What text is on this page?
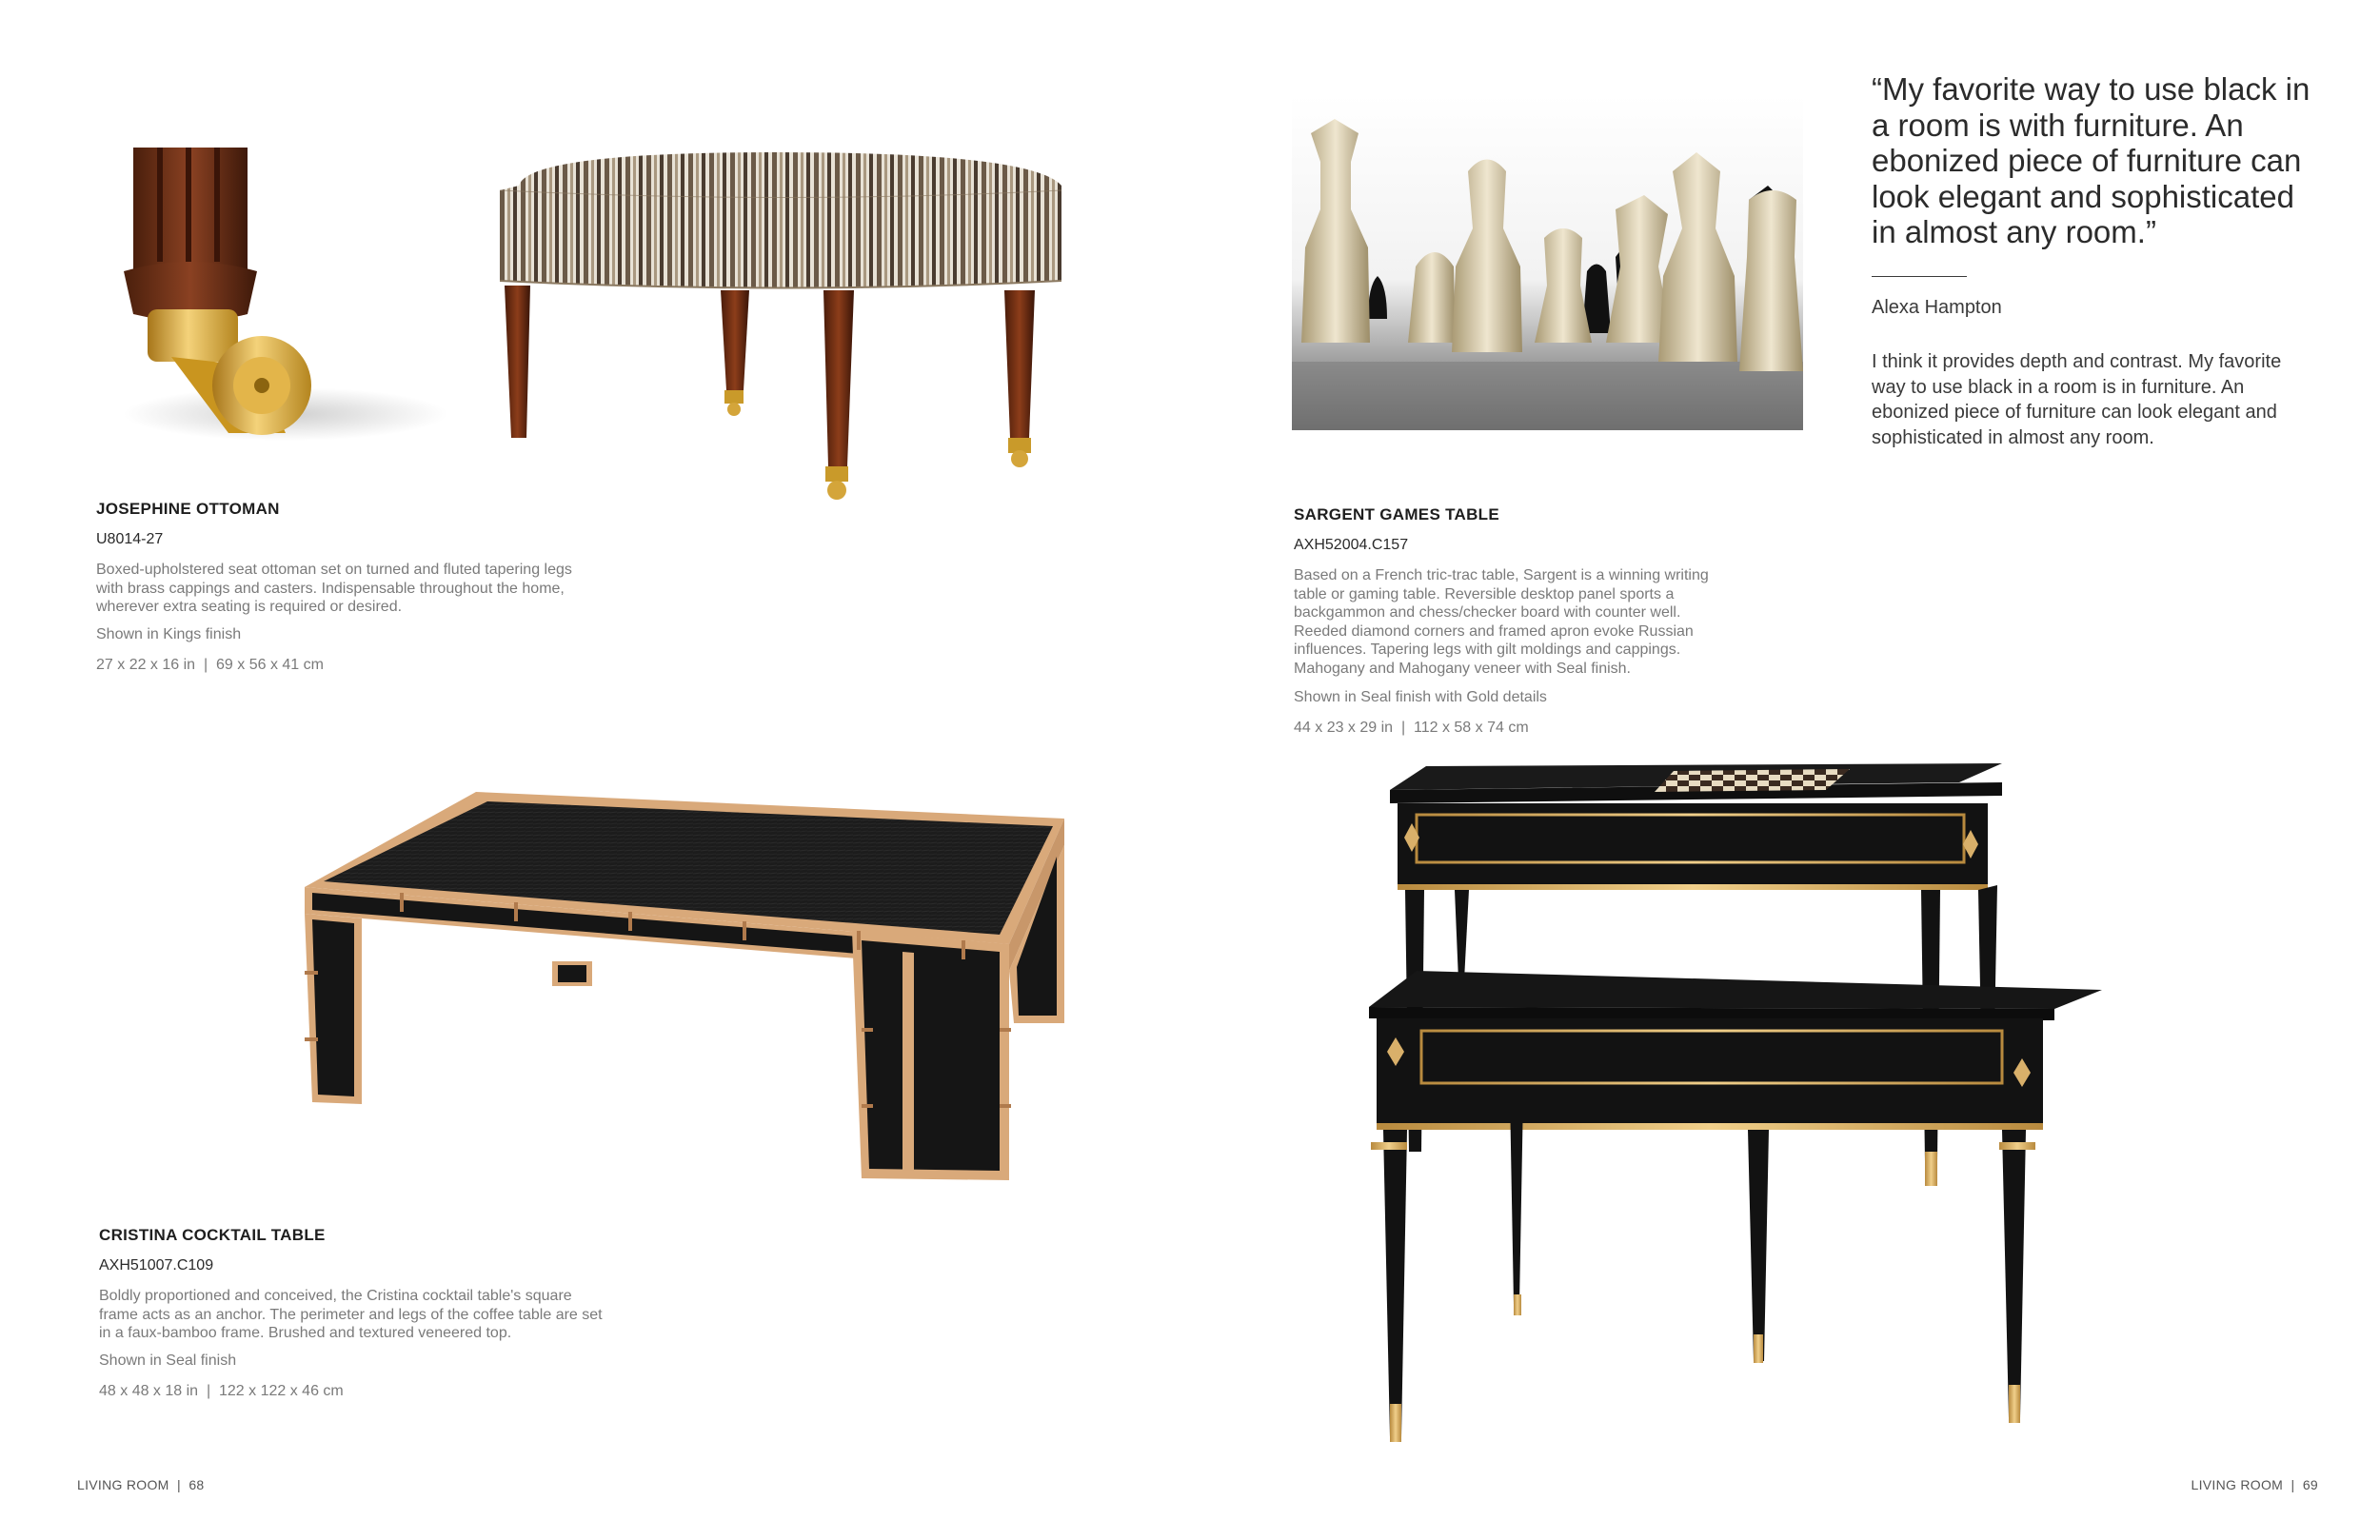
JOSEPHINE OTTOMAN
U8014-27
Boxed-upholstered seat ottoman set on turned and fluted tapering legs with brass cappings and casters. Indispensable throughout the home, wherever extra seating is required or desired.
Shown in Kings finish
27 x 22 x 16 in  |  69 x 56 x 41 cm
CRISTINA COCKTAIL TABLE
AXH51007.C109
Boldly proportioned and conceived, the Cristina cocktail table's square frame acts as an anchor. The perimeter and legs of the coffee table are set in a faux-bamboo frame. Brushed and textured veneered top.
Shown in Seal finish
48 x 48 x 18 in  |  122 x 122 x 46 cm
LIVING ROOM  |  68
SARGENT GAMES TABLE
AXH52004.C157
Based on a French tric-trac table, Sargent is a winning writing table or gaming table. Reversible desktop panel sports a backgammon and chess/checker board with counter well. Reeded diamond corners and framed apron evoke Russian influences. Tapering legs with gilt moldings and cappings. Mahogany and Mahogany veneer with Seal finish.
Shown in Seal finish with Gold details
44 x 23 x 29 in  |  112 x 58 x 74 cm
“My favorite way to use black in a room is with furniture. An ebonized piece of furniture can look elegant and sophisticated in almost any room.”
Alexa Hampton
I think it provides depth and contrast. My favorite way to use black in a room is in furniture. An ebonized piece of furniture can look elegant and sophisticated in almost any room.
LIVING ROOM  |  69
